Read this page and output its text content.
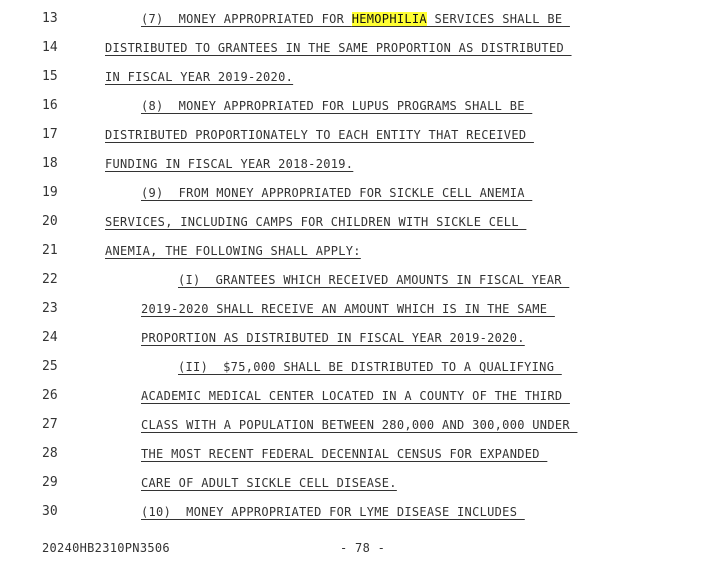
13	(7)  MONEY APPROPRIATED FOR HEMOPHILIA SERVICES SHALL BE
14	DISTRIBUTED TO GRANTEES IN THE SAME PROPORTION AS DISTRIBUTED
15	IN FISCAL YEAR 2019-2020.
16	(8)  MONEY APPROPRIATED FOR LUPUS PROGRAMS SHALL BE
17	DISTRIBUTED PROPORTIONATELY TO EACH ENTITY THAT RECEIVED
18	FUNDING IN FISCAL YEAR 2018-2019.
19	(9)  FROM MONEY APPROPRIATED FOR SICKLE CELL ANEMIA
20	SERVICES, INCLUDING CAMPS FOR CHILDREN WITH SICKLE CELL
21	ANEMIA, THE FOLLOWING SHALL APPLY:
22	(I)  GRANTEES WHICH RECEIVED AMOUNTS IN FISCAL YEAR
23	2019-2020 SHALL RECEIVE AN AMOUNT WHICH IS IN THE SAME
24	PROPORTION AS DISTRIBUTED IN FISCAL YEAR 2019-2020.
25	(II)  $75,000 SHALL BE DISTRIBUTED TO A QUALIFYING
26	ACADEMIC MEDICAL CENTER LOCATED IN A COUNTY OF THE THIRD
27	CLASS WITH A POPULATION BETWEEN 280,000 AND 300,000 UNDER
28	THE MOST RECENT FEDERAL DECENNIAL CENSUS FOR EXPANDED
29	CARE OF ADULT SICKLE CELL DISEASE.
30	(10)  MONEY APPROPRIATED FOR LYME DISEASE INCLUDES
20240HB2310PN3506	- 78 -
